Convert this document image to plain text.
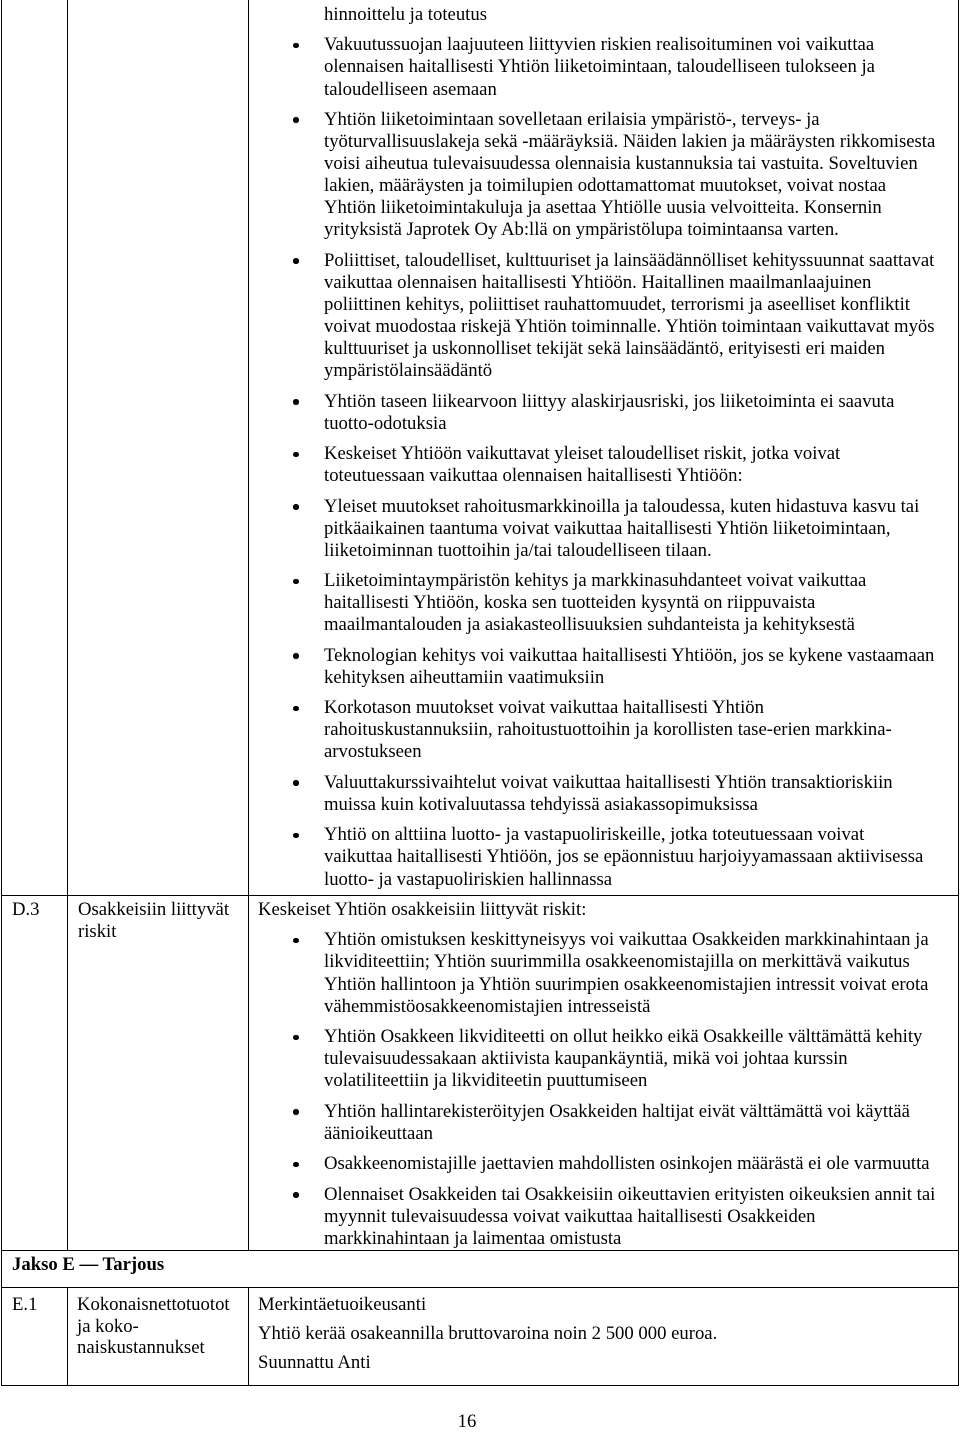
hinnoittelu ja toteutus
Vakuutussuojan laajuuteen liittyvien riskien realisoituminen voi vaikuttaa
olennaisen haitallisesti Yhtiön liiketoimintaan, taloudelliseen tulokseen ja
taloudelliseen asemaan
Yhtiön liiketoimintaan sovelletaan erilaisia ympäristö-, terveys- ja
työturvallisuuslakeja sekä -määräyksiä. Näiden lakien ja määräysten rikkomisesta
voisi aiheutua tulevaisuudessa olennaisia kustannuksia tai vastuita. Soveltuvien
lakien, määräysten ja toimilupien odottamattomat muutokset, voivat nostaa
Yhtiön liiketoimintakuluja ja asettaa Yhtiölle uusia velvoitteita. Konsernin
yrityksistä Japrotek Oy Ab:llä on ympäristölupa toimintaansa varten.
Poliittiset, taloudelliset, kulttuuriset ja lainsäädännölliset kehityssuunnat saattavat
vaikuttaa olennaisen haitallisesti Yhtiöön. Haitallinen maailmanlaajuinen
poliittinen kehitys, poliittiset rauhattomuudet, terrorismi ja aseelliset konfliktit
voivat muodostaa riskejä Yhtiön toiminnalle. Yhtiön toimintaan vaikuttavat myös
kulttuuriset ja uskonnolliset tekijät sekä lainsäädäntö, erityisesti eri maiden
ympäristölainsäädäntö
Yhtiön taseen liikearvoon liittyy alaskirjausriski, jos liiketoiminta ei saavuta
tuotto-odotuksia
Keskeiset Yhtiöön vaikuttavat yleiset taloudelliset riskit, jotka voivat
toteutuessaan vaikuttaa olennaisen haitallisesti Yhtiöön:
Yleiset muutokset rahoitusmarkkinoilla ja taloudessa, kuten hidastuva kasvu tai
pitkäaikainen taantuma voivat vaikuttaa haitallisesti Yhtiön liiketoimintaan,
liiketoiminnan tuottoihin ja/tai taloudelliseen tilaan.
Liiketoimintaympäristön kehitys ja markkinasuhdanteet voivat vaikuttaa
haitallisesti Yhtiöön, koska sen tuotteiden kysyntä on riippuvaista
maailmantalouden ja asiakasteollisuuksien suhdanteista ja kehityksestä
Teknologian kehitys voi vaikuttaa haitallisesti Yhtiöön, jos se kykene vastaamaan
kehityksen aiheuttamiin vaatimuksiin
Korkotason muutokset voivat vaikuttaa haitallisesti Yhtiön
rahoituskustannuksiin, rahoitustuottoihin ja korollisten tase-erien markkina-
arvostukseen
Valuuttakurssivaihtelut voivat vaikuttaa haitallisesti Yhtiön transaktioriskiin
muissa kuin kotivaluutassa tehdyissä asiakassopimuksissa
Yhtiö on alttiina luotto- ja vastapuoliriskeille, jotka toteutuessaan voivat
vaikuttaa haitallisesti Yhtiöön, jos se epäonnistuu harjoiyyamassaan aktiivisessa
luotto- ja vastapuoliriskien hallinnassa
D.3 Osakkeisiin liittyvät
riskit
Keskeiset Yhtiön osakkeisiin liittyvät riskit:
Yhtiön omistuksen keskittyneisyys voi vaikuttaa Osakkeiden markkinahintaan ja
likviditeettiin; Yhtiön suurimmilla osakkeenomistajilla on merkittävä vaikutus
Yhtiön hallintoon ja Yhtiön suurimpien osakkeenomistajien intressit voivat erota
vähemmistöosakkeenomistajien intresseistä
Yhtiön Osakkeen likviditeetti on ollut heikko eikä Osakkeille välttämättä kehity
tulevaisuudessakaan aktiivista kaupankäyntiä, mikä voi johtaa kurssin
volatiliteettiin ja likviditeetin puuttumiseen
Yhtiön hallintarekisteröityjen Osakkeiden haltijat eivät välttämättä voi käyttää
äänioikeuttaan
Osakkeenomistajille jaettavien mahdollisten osinkojen määrästä ei ole varmuutta
Olennaiset Osakkeiden tai Osakkeisiin oikeuttavien erityisten oikeuksien annit tai
myynnit tulevaisuudessa voivat vaikuttaa haitallisesti Osakkeiden
markkinahintaan ja laimentaa omistusta
Jakso E — Tarjous
E.1 Kokonaisnettotuotot
ja koko-
naiskustannukset
Merkintäetuoikeusanti
Yhtiö kerää osakeannilla bruttovaroina noin 2 500 000 euroa.
Suunnattu Anti
16
